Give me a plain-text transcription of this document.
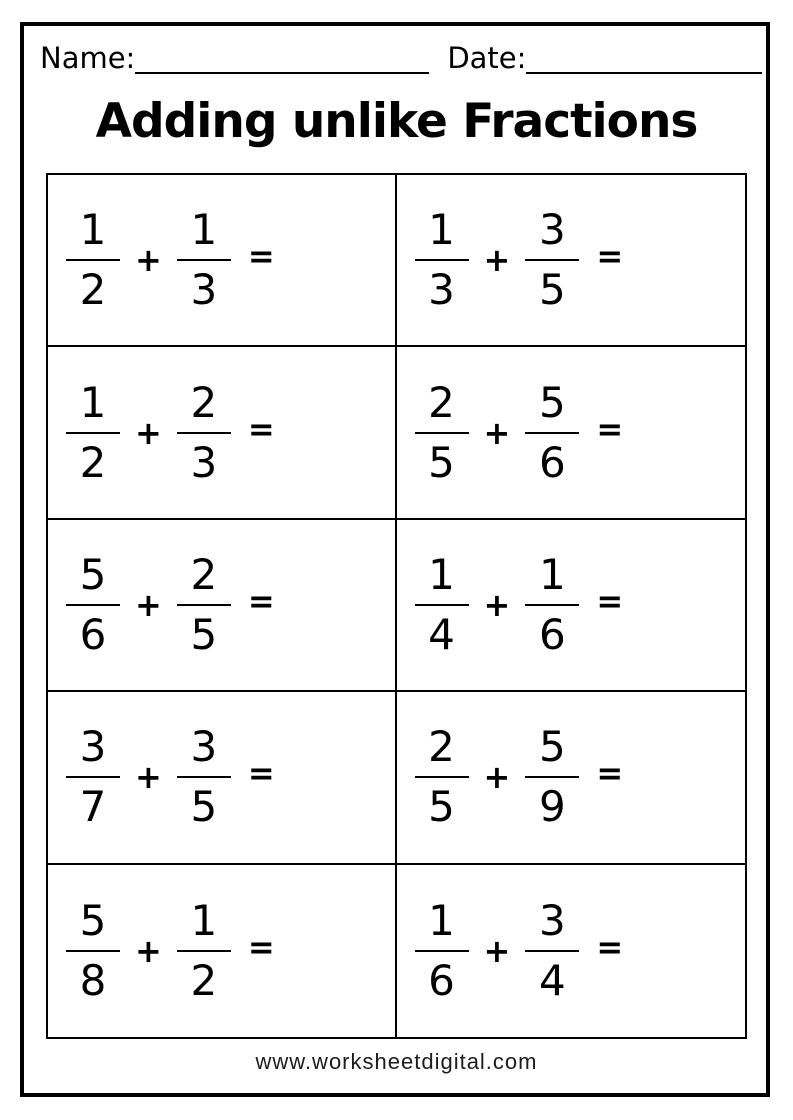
Name:	Date:
Adding unlike Fractions
$\frac{1}{2} + \frac{1}{3}$ =	$\frac{1}{3} + \frac{3}{5}$ =
$\frac{1}{2} + \frac{2}{3}$ =	$\frac{2}{5} + \frac{5}{6}$ =
$\frac{5}{6} + \frac{2}{5}$ =	$\frac{1}{4} + \frac{1}{6}$ =
$\frac{3}{7} + \frac{3}{5}$ =	$\frac{2}{5} + \frac{5}{9}$ =
$\frac{5}{8} + \frac{1}{2}$ =	$\frac{1}{6} + \frac{3}{4}$ =
www.worksheetdigital.com
